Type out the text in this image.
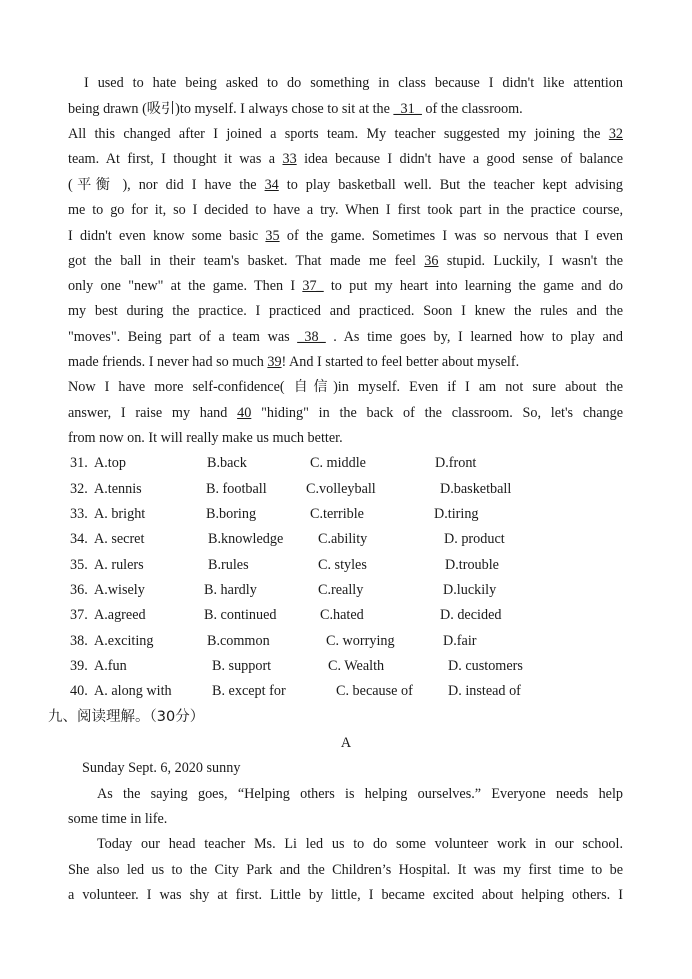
I used to hate being asked to do something in class because I didn't like attention
being drawn (吸引)to myself. I always chose to sit at the _31_ of the classroom.
All this changed after I joined a sports team. My teacher suggested my joining the 32
team. At first, I thought it was a 33 idea because I didn't have a good sense of balance
(平衡 ), nor did I have the 34 to play basketball well. But the teacher kept advising
me to go for it, so I decided to have a try. When I first took part in the practice course,
I didn't even know some basic 35 of the game. Sometimes I was so nervous that I even
got the ball in their team's basket. That made me feel 36 stupid. Luckily, I wasn't the
only one "new" at the game. Then I 37_ to put my heart into learning the game and do
my best during the practice. I practiced and practiced. Soon I knew the rules and the
"moves". Being part of a team was _38_ . As time goes by, I learned how to play and
made friends. I never had so much 39! And I started to feel better about myself.
Now I have more self-confidence( 自信)in myself. Even if I am not sure about the
answer, I raise my hand 40 "hiding" in the back of the classroom. So, let's change
from now on. It will really make us much better.
31. A.top	B.back	C. middle	D.front
32. A.tennis	B. football	C.volleyball	D.basketball
33. A. bright	B.boring	C.terrible	D.tiring
34. A. secret	B.knowledge C.ability	D. product
35. A. rulers	B.rules	C. styles	D.trouble
36. A.wisely	B. hardly	C.really	D.luckily
37. A.agreed	B. continued	C.hated	D. decided
38. A.exciting	B.common	C. worrying	D.fair
39. A.fun	B. support	C. Wealth	D. customers
40. A. along with	B. except for	C. because of D. instead of
九、阅读理解。（30分）
A
Sunday Sept. 6, 2020 sunny
As the saying goes, “Helping others is helping ourselves.” Everyone needs help
some time in life.
Today our head teacher Ms. Li led us to do some volunteer work in our school.
She also led us to the City Park and the Children’s Hospital. It was my first time to be
a volunteer. I was shy at first. Little by little, I became excited about helping others. I
